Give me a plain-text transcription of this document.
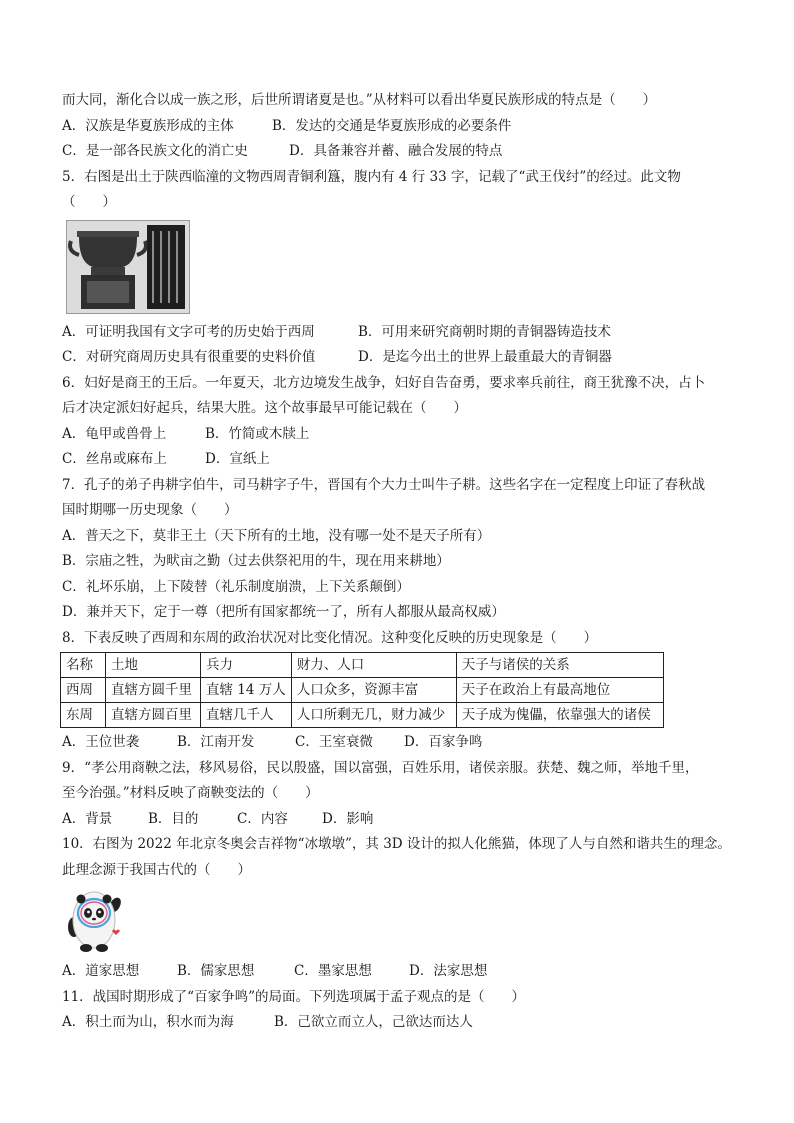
而大同，渐化合以成一族之形，后世所谓诸夏是也。”从材料可以看出华夏民族形成的特点是（　　）
A．汉族是华夏族形成的主体	B．发达的交通是华夏族形成的必要条件
C．是一部各民族文化的消亡史	D．具备兼容并蓄、融合发展的特点
5．右图是出土于陕西临潼的文物西周青铜利簋，腹内有 4 行 33 字，记载了“武王伐纣”的经过。此文物
（　　）
A．可证明我国有文字可考的历史始于西周	B．可用来研究商朝时期的青铜器铸造技术
C．对研究商周历史具有很重要的史料价值	D．是迄今出土的世界上最重最大的青铜器
6．妇好是商王的王后。一年夏天，北方边境发生战争，妇好自告奋勇，要求率兵前往，商王犹豫不决，占卜
后才决定派妇好起兵，结果大胜。这个故事最早可能记载在（　　）
A．龟甲或兽骨上	B．竹简或木牍上
C．丝帛或麻布上	D．宣纸上
7．孔子的弟子冉耕字伯牛，司马耕字子牛，晋国有个大力士叫牛子耕。这些名字在一定程度上印证了春秋战
国时期哪一历史现象（　　）
A．普天之下，莫非王土（天下所有的土地，没有哪一处不是天子所有）
B．宗庙之牲，为畎亩之勤（过去供祭祀用的牛，现在用来耕地）
C．礼坏乐崩，上下陵替（礼乐制度崩溃，上下关系颠倒）
D．兼并天下，定于一尊（把所有国家都统一了，所有人都服从最高权威）
8．下表反映了西周和东周的政治状况对比变化情况。这种变化反映的历史现象是（　　）
名称	土地	兵力	财力、人口	天子与诸侯的关系
西周	直辖方圆千里	直辖 14 万人	人口众多，资源丰富	天子在政治上有最高地位
东周	直辖方圆百里	直辖几千人	人口所剩无几，财力减少	天子成为傀儡，依靠强大的诸侯
A．王位世袭	B．江南开发	C．王室衰微	D．百家争鸣
9．“孝公用商鞅之法，移风易俗，民以殷盛，国以富强，百姓乐用，诸侯亲服。获楚、魏之师，举地千里，
至今治强。”材料反映了商鞅变法的（　　）
A．背景	B．目的	C．内容	D．影响
10．右图为 2022 年北京冬奥会吉祥物“冰墩墩”，其 3D 设计的拟人化熊猫，体现了人与自然和谐共生的理念。
此理念源于我国古代的（　　）
A．道家思想	B．儒家思想	C．墨家思想	D．法家思想
11．战国时期形成了“百家争鸣”的局面。下列选项属于孟子观点的是（　　）
A．积土而为山，积水而为海	B．己欲立而立人，己欲达而达人
